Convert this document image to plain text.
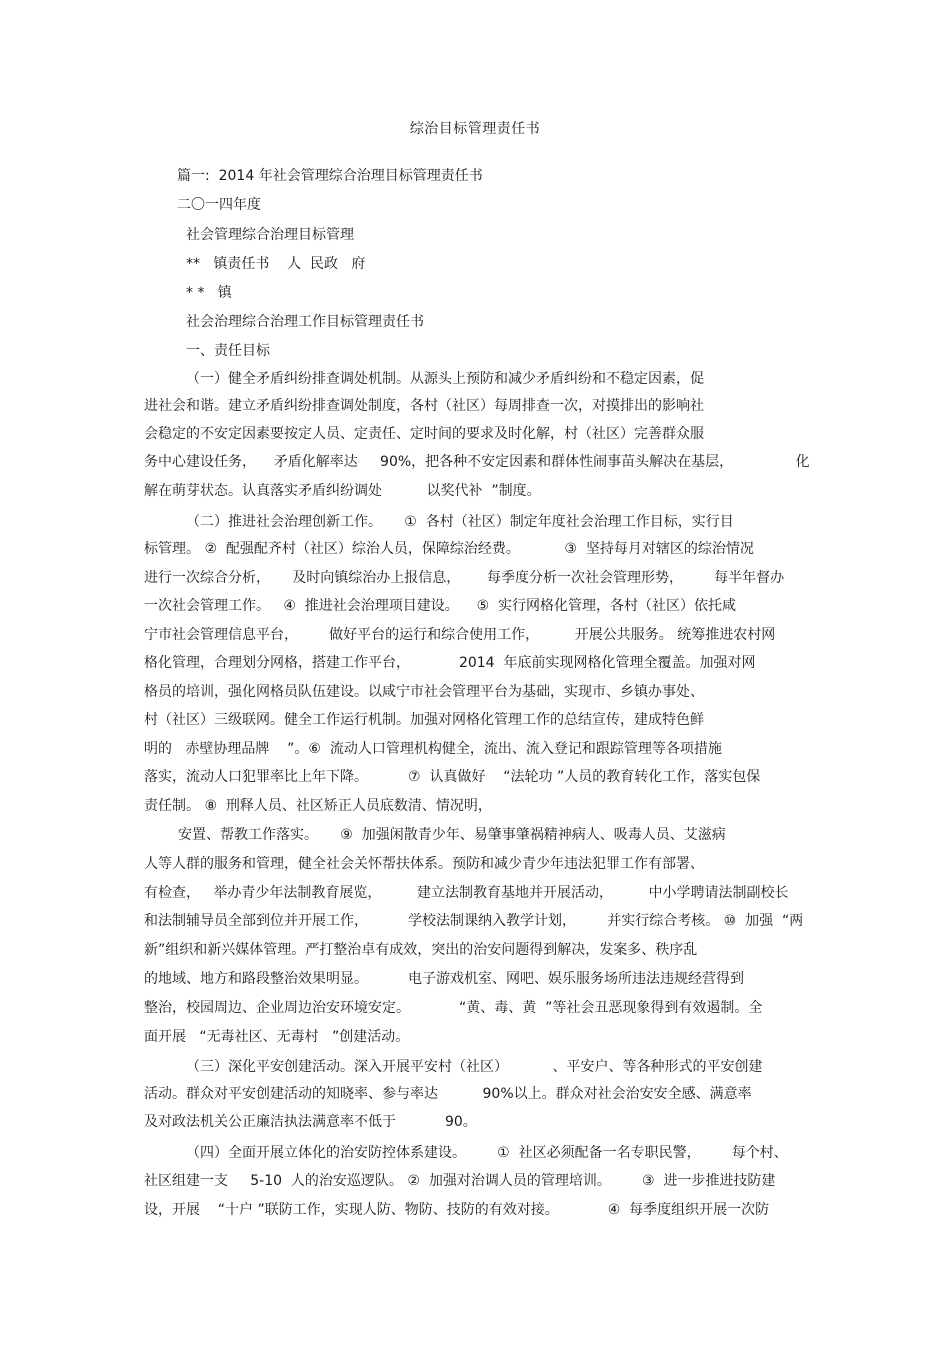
综治目标管理责任书
篇一:  2014 年社会管理综合治理目标管理责任书
二〇一四年度
社会管理综合治理目标管理
**   镇责任书    人  民政   府
* *   镇
社会治理综合治理工作目标管理责任书
一、责任目标
（一）健全矛盾纠纷排查调处机制。从源头上预防和减少矛盾纠纷和不稳定因素，促
进社会和谐。建立矛盾纠纷排查调处制度，各村（社区）每周排查一次，对摸排出的影响社
会稳定的不安定因素要按定人员、定责任、定时间的要求及时化解，村（社区）完善群众服
务中心建设任务，    矛盾化解率达     90%，把各种不安定因素和群体性闹事苗头解决在基层，              化
解在萌芽状态。认真落实矛盾纠纷调处          以奖代补  ”制度。
（二）推进社会治理创新工作。     ①  各村（社区）制定年度社会治理工作目标，实行目
标管理。 ②  配强配齐村（社区）综治人员，保障综治经费。          ③  坚持每月对辖区的综治情况
进行一次综合分析，     及时向镇综治办上报信息，      每季度分析一次社会管理形势，       每半年督办
一次社会管理工作。   ④  推进社会治理项目建设。    ⑤  实行网格化管理，各村（社区）依托咸
宁市社会管理信息平台，       做好平台的运行和综合使用工作，        开展公共服务。 统筹推进农村网
格化管理，合理划分网格，搭建工作平台，           2014  年底前实现网格化管理全覆盖。加强对网
格员的培训，强化网格员队伍建设。以咸宁市社会管理平台为基础，实现市、乡镇办事处、
村（社区）三级联网。健全工作运行机制。加强对网格化管理工作的总结宣传，建成特色鲜
明的   赤壁协理品牌    ”。⑥  流动人口管理机构健全，流出、流入登记和跟踪管理等各项措施
落实，流动人口犯罪率比上年下降。         ⑦  认真做好    “法轮功 ”人员的教育转化工作，落实包保
责任制。 ⑧  刑释人员、社区矫正人员底数清、情况明，
安置、帮教工作落实。     ⑨  加强闲散青少年、易肇事肇祸精神病人、吸毒人员、艾滋病
人等人群的服务和管理，健全社会关怀帮扶体系。预防和减少青少年违法犯罪工作有部署、
有检查，   举办青少年法制教育展览，        建立法制教育基地并开展活动，        中小学聘请法制副校长
和法制辅导员全部到位并开展工作，         学校法制课纳入教学计划，       并实行综合考核。 ⑩  加强  “两
新”组织和新兴媒体管理。严打整治卓有成效，突出的治安问题得到解决，发案多、秩序乱
的地域、地方和路段整治效果明显。         电子游戏机室、网吧、娱乐服务场所违法违规经营得到
整治，校园周边、企业周边治安环境安定。           “黄、毒、黄  ”等社会丑恶现象得到有效遏制。全
面开展   “无毒社区、无毒村   ”创建活动。
（三）深化平安创建活动。深入开展平安村（社区）          、平安户、等各种形式的平安创建
活动。群众对平安创建活动的知晓率、参与率达          90%以上。群众对社会治安安全感、满意率
及对政法机关公正廉洁执法满意率不低于           90。
（四）全面开展立体化的治安防控体系建设。       ①  社区必须配备一名专职民警，       每个村、
社区组建一支     5-10  人的治安巡逻队。 ②  加强对治调人员的管理培训。       ③  进一步推进技防建
设，开展    “十户 ”联防工作，实现人防、物防、技防的有效对接。           ④  每季度组织开展一次防
